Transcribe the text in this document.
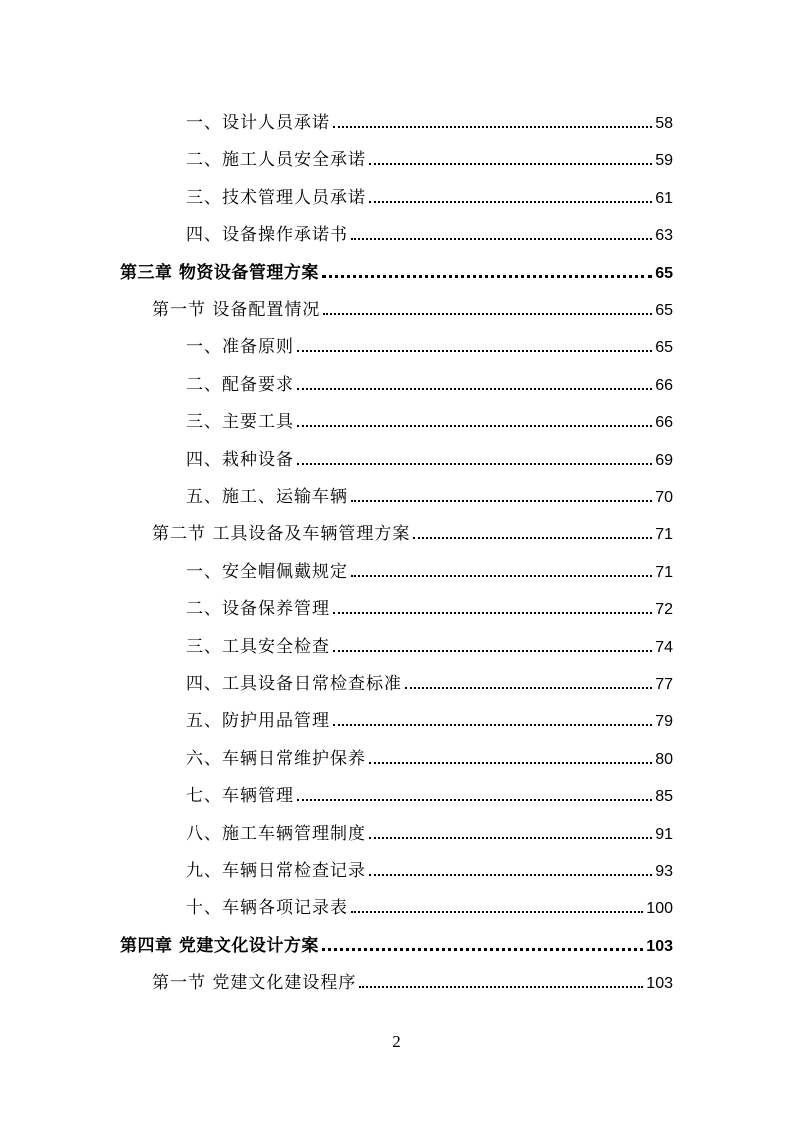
一、设计人员承诺	58
二、施工人员安全承诺	59
三、技术管理人员承诺	61
四、设备操作承诺书	63
第三章 物资设备管理方案	65
第一节 设备配置情况	65
一、准备原则	65
二、配备要求	66
三、主要工具	66
四、栽种设备	69
五、施工、运输车辆	70
第二节 工具设备及车辆管理方案	71
一、安全帽佩戴规定	71
二、设备保养管理	72
三、工具安全检查	74
四、工具设备日常检查标准	77
五、防护用品管理	79
六、车辆日常维护保养	80
七、车辆管理	85
八、施工车辆管理制度	91
九、车辆日常检查记录	93
十、车辆各项记录表	100
第四章 党建文化设计方案	103
第一节 党建文化建设程序	103
2
